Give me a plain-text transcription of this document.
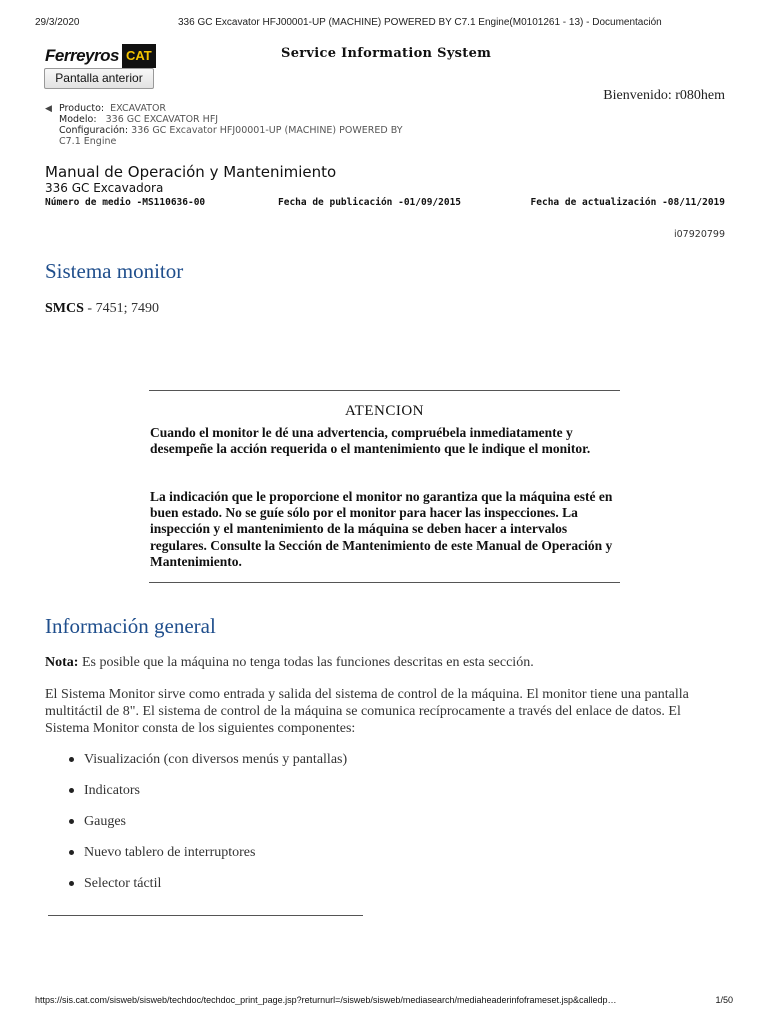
29/3/2020	336 GC Excavator HFJ00001-UP (MACHINE) POWERED BY C7.1 Engine(M0101261 - 13) - Documentación
Ferreyros CAT	Service Information System
Pantalla anterior
Bienvenido: r080hem
◀ Producto: EXCAVATOR
Modelo: 336 GC EXCAVATOR HFJ
Configuración: 336 GC Excavator HFJ00001-UP (MACHINE) POWERED BY
C7.1 Engine
Manual de Operación y Mantenimiento
336 GC Excavadora
Número de medio -MS110636-00	Fecha de publicación -01/09/2015	Fecha de actualización -08/11/2019
i07920799
Sistema monitor
SMCS - 7451; 7490
ATENCION
Cuando el monitor le dé una advertencia, compruébela inmediatamente y desempeñe la acción requerida o el mantenimiento que le indique el monitor.
La indicación que le proporcione el monitor no garantiza que la máquina esté en buen estado. No se guíe sólo por el monitor para hacer las inspecciones. La inspección y el mantenimiento de la máquina se deben hacer a intervalos regulares. Consulte la Sección de Mantenimiento de este Manual de Operación y Mantenimiento.
Información general
Nota: Es posible que la máquina no tenga todas las funciones descritas en esta sección.
El Sistema Monitor sirve como entrada y salida del sistema de control de la máquina. El monitor tiene una pantalla multitáctil de 8". El sistema de control de la máquina se comunica recíprocamente a través del enlace de datos. El Sistema Monitor consta de los siguientes componentes:
Visualización (con diversos menús y pantallas)
Indicators
Gauges
Nuevo tablero de interruptores
Selector táctil
https://sis.cat.com/sisweb/sisweb/techdoc/techdoc_print_page.jsp?returnurl=/sisweb/sisweb/mediasearch/mediaheaderinfoframeset.jsp&calledp…	1/50
